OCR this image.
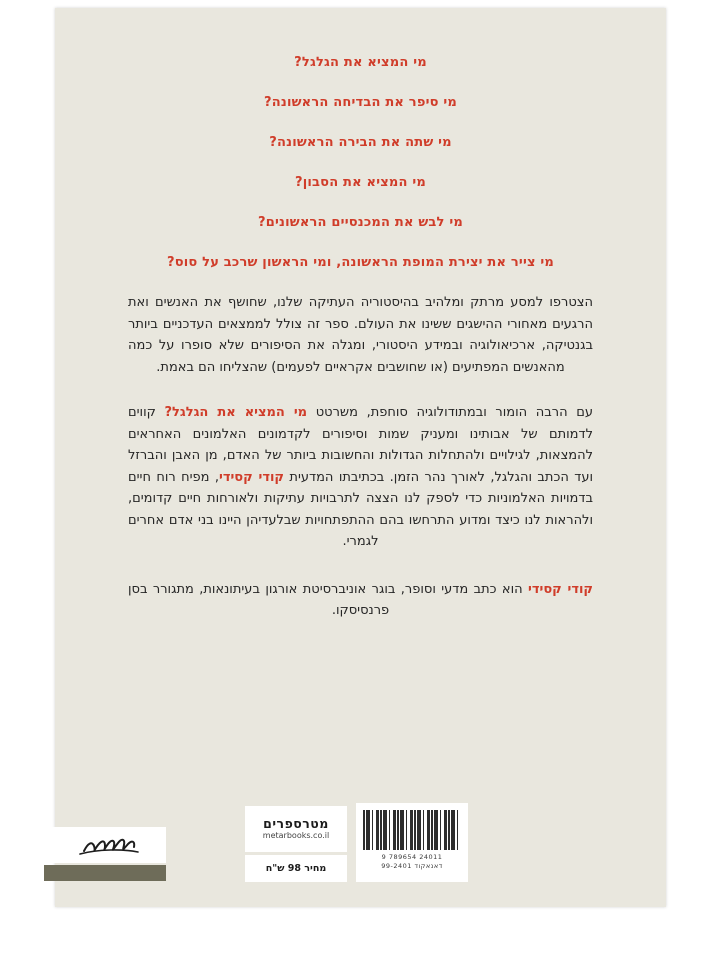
מי המציא את הגלגל?
מי סיפר את הבדיחה הראשונה?
מי שתה את הבירה הראשונה?
מי המציא את הסבון?
מי לבש את המכנסיים הראשונים?
מי צייר את יצירת המופת הראשונה, ומי הראשון שרכב על סוס?

הצטרפו למסע מרתק ומלהיב בהיסטוריה העתיקה שלנו, שחושף את האנשים ואת הרגעים מאחורי ההישגים ששינו את העולם. ספר זה צולל לממצאים העדכניים ביותר בגנטיקה, ארכיאולוגיה ובמידע היסטורי, ומגלה את הסיפורים שלא סופרו על כמה מהאנשים המפתיעים (או שחושבים אקראיים לפעמים) שהצליחו הם באמת.

עם הרבה הומור ובמתודולוגיה סוחפת, משרטט מי המציא את הגלגל? קווים לדמותם של אבותינו ומעניק שמות וסיפורים לקדמונים האלמונים האחראים להמצאות, לגילויים ולהתחלות הגדולות והחשובות ביותר של האדם, מן האבן והברזל ועד הכתב והגלגל, לאורך נהר הזמן. בכתיבתו המדעית קודי קסידי, מפיח רוח חיים בדמויות האלמוניות כדי לספק לנו הצצה לתרבויות עתיקות ולאורחות חיים קדומים, ולהראות לנו כיצד ומדוע התרחשו בהם ההתפתחויות שבלעדיהן היינו בני אדם אחרים לגמרי.

קודי קסידי הוא כתב מדעי וסופר, בוגר אוניברסיטת אורגון בעיתונאות, מתגורר בסן פרנסיסקו.

מטרספרים
metarbooks.co.il
מחיר 98 ש"ח
9 789654 24011
דאנאקוד 99-2401
